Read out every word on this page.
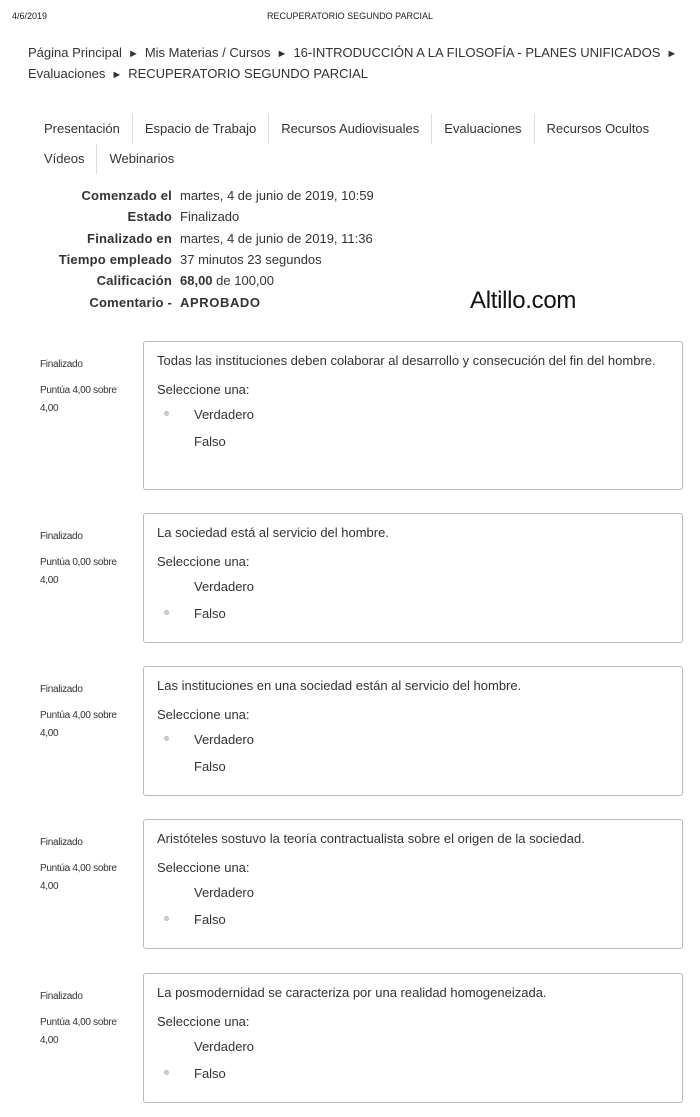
4/6/2019	RECUPERATORIO SEGUNDO PARCIAL
Página Principal ► Mis Materias / Cursos ► 16-INTRODUCCIÓN A LA FILOSOFÍA - PLANES UNIFICADOS ►
Evaluaciones ► RECUPERATORIO SEGUNDO PARCIAL
Presentación	Espacio de Trabajo	Recursos Audiovisuales	Evaluaciones	Recursos Ocultos
Vídeos	Webinarios
Comenzado el	martes, 4 de junio de 2019, 10:59
Estado	Finalizado
Finalizado en	martes, 4 de junio de 2019, 11:36
Tiempo empleado	37 minutos 23 segundos
Calificación	68,00 de 100,00
Comentario -	APROBADO	Altillo.com
Finalizado
Puntúa 4,00 sobre 4,00
Todas las instituciones deben colaborar al desarrollo y consecución del fin del hombre.
Seleccione una:
Verdadero
Falso
Finalizado
Puntúa 0,00 sobre 4,00
La sociedad está al servicio del hombre.
Seleccione una:
Verdadero
Falso
Finalizado
Puntúa 4,00 sobre 4,00
Las instituciones en una sociedad están al servicio del hombre.
Seleccione una:
Verdadero
Falso
Finalizado
Puntúa 4,00 sobre 4,00
Aristóteles sostuvo la teoría contractualista sobre el origen de la sociedad.
Seleccione una:
Verdadero
Falso
Finalizado
Puntúa 4,00 sobre 4,00
La posmodernidad se caracteriza por una realidad homogeneizada.
Seleccione una:
Verdadero
Falso
